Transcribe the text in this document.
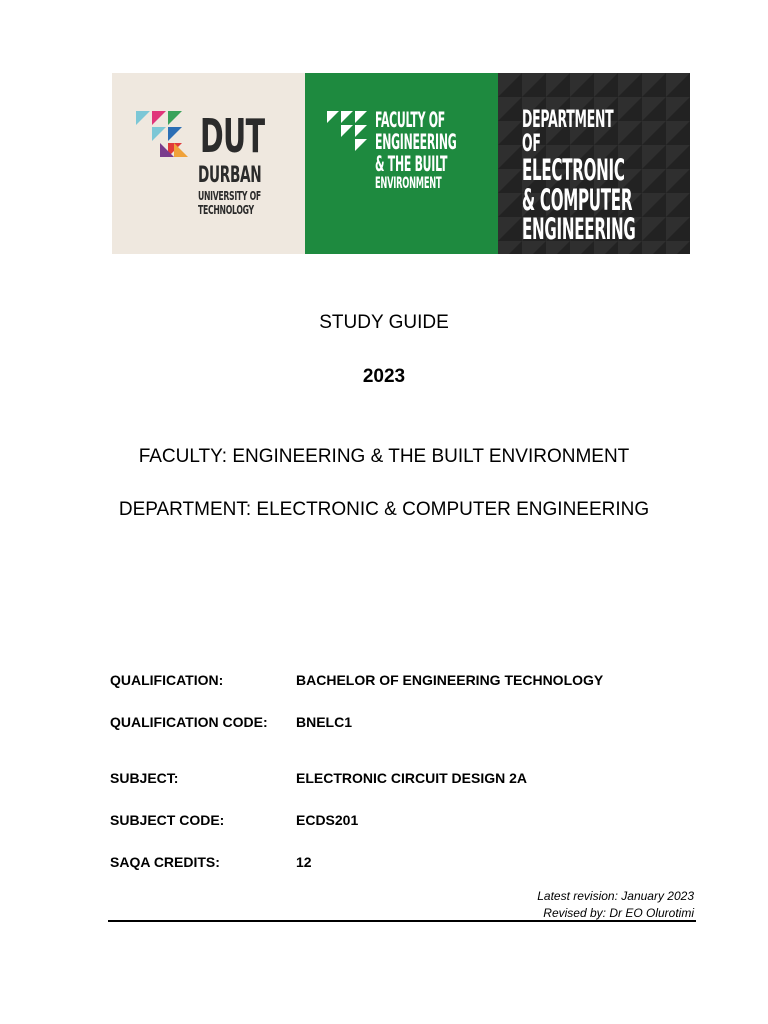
DUT
DURBAN
UNIVERSITY OF
TECHNOLOGY
FACULTY OF
ENGINEERING
& THE BUILT
ENVIRONMENT
DEPARTMENT OF
ELECTRONIC
& COMPUTER
ENGINEERING
STUDY GUIDE
2023
FACULTY: ENGINEERING & THE BUILT ENVIRONMENT
DEPARTMENT: ELECTRONIC & COMPUTER ENGINEERING
QUALIFICATION:	BACHELOR OF ENGINEERING TECHNOLOGY
QUALIFICATION CODE: BNELC1
SUBJECT:	ELECTRONIC CIRCUIT DESIGN 2A
SUBJECT CODE:	ECDS201
SAQA CREDITS:	12
Latest revision: January 2023
Revised by: Dr EO Olurotimi
